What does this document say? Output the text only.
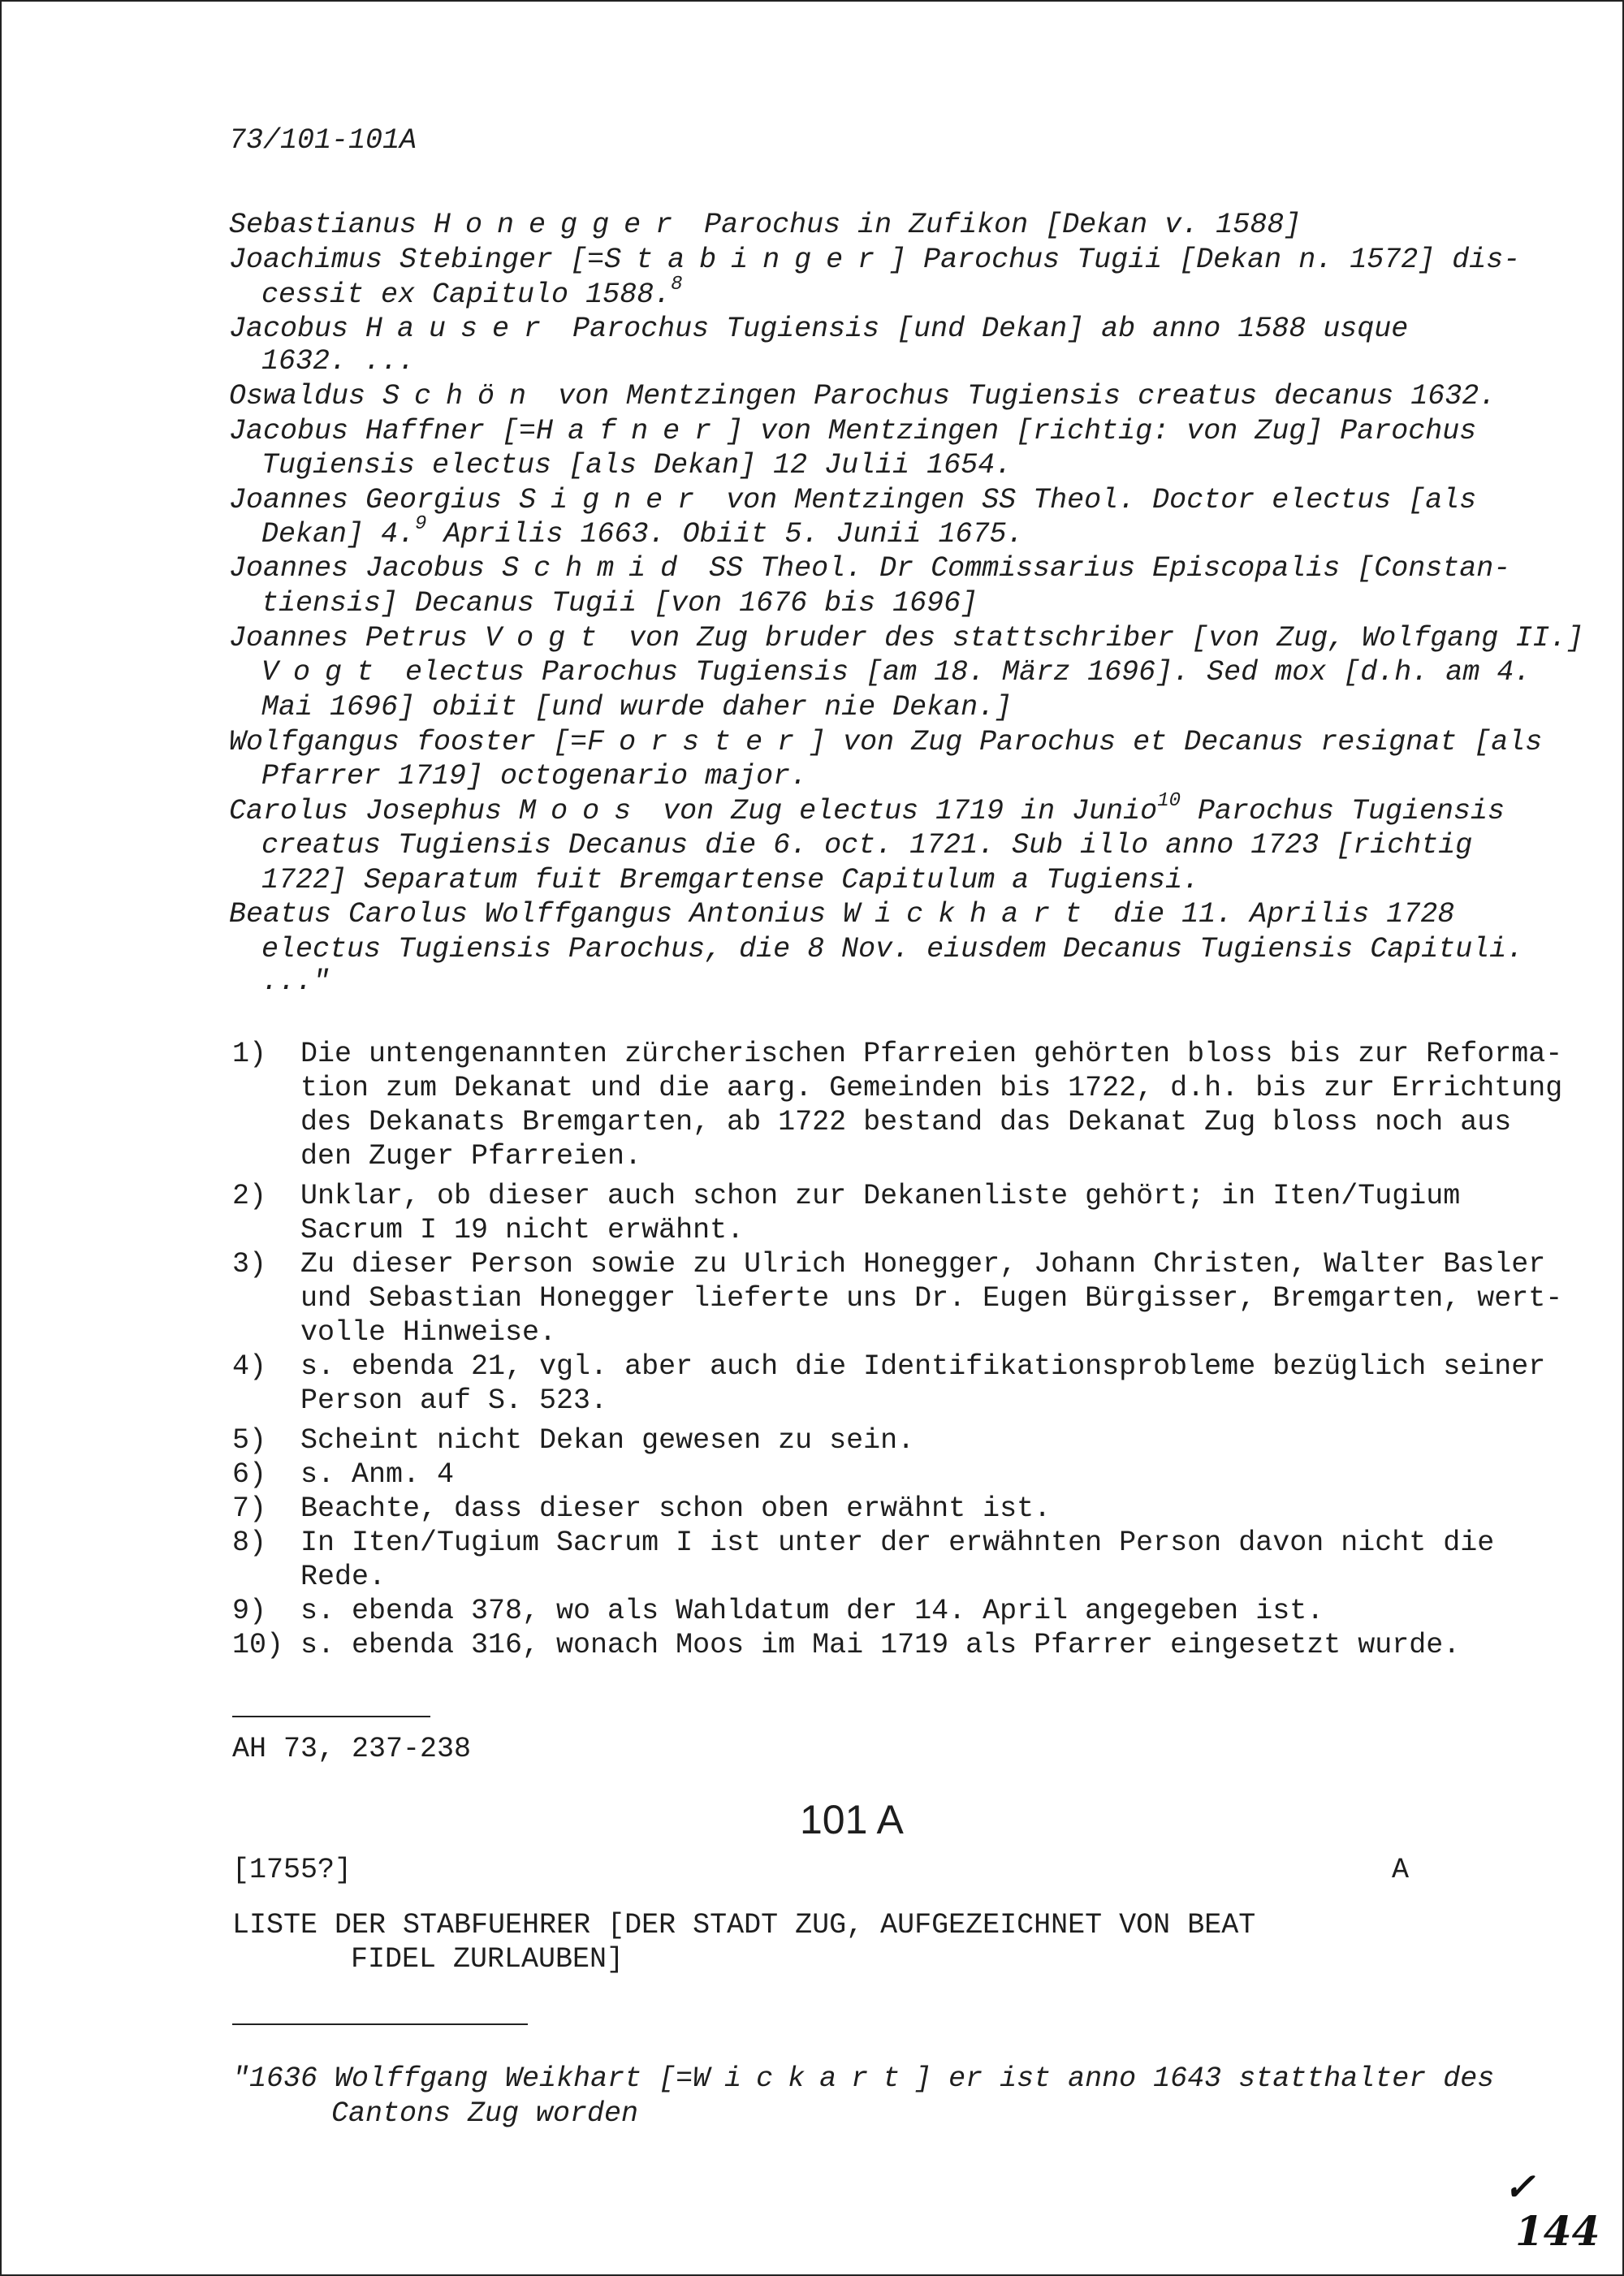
73/101-101A
Sebastianus Honegger Parochus in Zufikon [Dekan v. 1588]
Joachimus Stebinger [=Stabinger] Parochus Tugii [Dekan n. 1572] dis-
cessit ex Capitulo 1588.$^8$
Jacobus Hauser Parochus Tugiensis [und Dekan] ab anno 1588 usque
1632. ...
Oswaldus Schön von Mentzingen Parochus Tugiensis creatus decanus 1632.
Jacobus Haffner [=Hafner] von Mentzingen [richtig: von Zug] Parochus
Tugiensis electus [als Dekan] 12 Julii 1654.
Joannes Georgius Signer von Mentzingen SS Theol. Doctor electus [als
Dekan] 4.$^9$ Aprilis 1663. Obiit 5. Junii 1675.
Joannes Jacobus Schmid SS Theol. Dr Commissarius Episcopalis [Constan-
tiensis] Decanus Tugii [von 1676 bis 1696]
Joannes Petrus Vogt von Zug bruder des stattschriber [von Zug, Wolfgang II.]
Vogt electus Parochus Tugiensis [am 18. März 1696]. Sed mox [d.h. am 4.
Mai 1696] obiit [und wurde daher nie Dekan.]
Wolfgangus fooster [=Forster] von Zug Parochus et Decanus resignat [als
Pfarrer 1719] octogenario major.
Carolus Josephus Moos von Zug electus 1719 in Junio$^{10}$ Parochus Tugiensis
creatus Tugiensis Decanus die 6. oct. 1721. Sub illo anno 1723 [richtig
1722] Separatum fuit Bremgartense Capitulum a Tugiensi.
Beatus Carolus Wolffgangus Antonius Wickhart die 11. Aprilis 1728
electus Tugiensis Parochus, die 8 Nov. eiusdem Decanus Tugiensis Capituli.
..."
1) Die untengenannten zürcherischen Pfarreien gehörten bloss bis zur Reforma-
tion zum Dekanat und die aarg. Gemeinden bis 1722, d.h. bis zur Errichtung
des Dekanats Bremgarten, ab 1722 bestand das Dekanat Zug bloss noch aus
den Zuger Pfarreien.
2) Unklar, ob dieser auch schon zur Dekanenliste gehört; in Iten/Tugium
Sacrum I 19 nicht erwähnt.
3) Zu dieser Person sowie zu Ulrich Honegger, Johann Christen, Walter Basler
und Sebastian Honegger lieferte uns Dr. Eugen Bürgisser, Bremgarten, wert-
volle Hinweise.
4) s. ebenda 21, vgl. aber auch die Identifikationsprobleme bezüglich seiner
Person auf S. 523.
5) Scheint nicht Dekan gewesen zu sein.
6) s. Anm. 4
7) Beachte, dass dieser schon oben erwähnt ist.
8) In Iten/Tugium Sacrum I ist unter der erwähnten Person davon nicht die
Rede.
9) s. ebenda 378, wo als Wahldatum der 14. April angegeben ist.
10) s. ebenda 316, wonach Moos im Mai 1719 als Pfarrer eingesetzt wurde.
AH 73, 237-238
101 A
[1755?]	A
LISTE DER STABFUEHRER [DER STADT ZUG, AUFGEZEICHNET VON BEAT
FIDEL ZURLAUBEN]
"1636 Wolffgang Weikhart [=Wickart] er ist anno 1643 statthalter des
Cantons Zug worden
✓
144
